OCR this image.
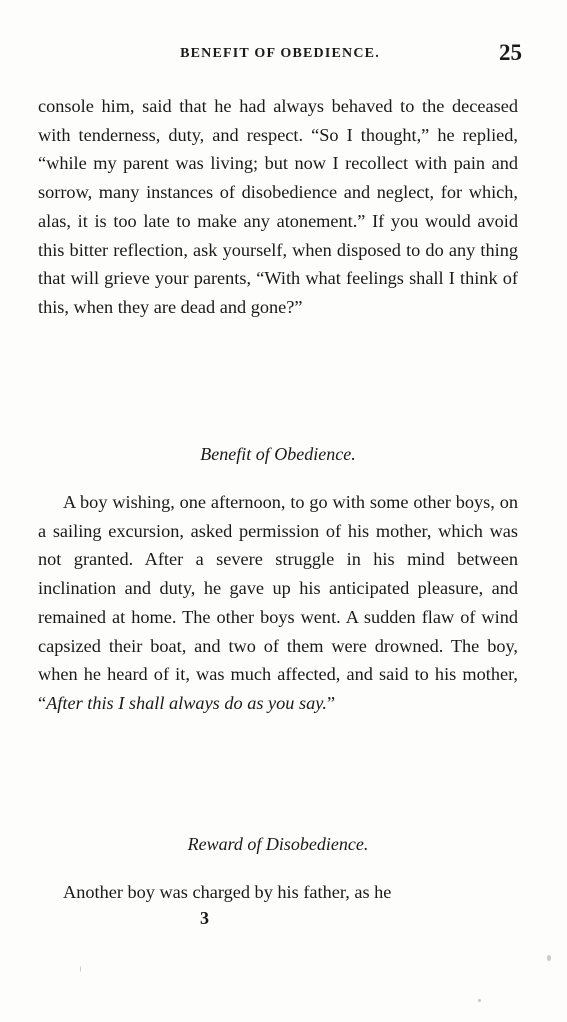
BENEFIT OF OBEDIENCE.	25

console him, said that he had always behaved to the deceased with tenderness, duty, and respect. “So I thought,” he replied, “while my parent was living; but now I recollect with pain and sorrow, many instances of disobedience and neglect, for which, alas, it is too late to make any atonement.” If you would avoid this bitter reflection, ask yourself, when disposed to do any thing that will grieve your parents, “With what feelings shall I think of this, when they are dead and gone?”

Benefit of Obedience.

A boy wishing, one afternoon, to go with some other boys, on a sailing excursion, asked permission of his mother, which was not granted. After a severe struggle in his mind between inclination and duty, he gave up his anticipated pleasure, and remained at home. The other boys went. A sudden flaw of wind capsized their boat, and two of them were drowned. The boy, when he heard of it, was much affected, and said to his mother, “After this I shall always do as you say.”

Reward of Disobedience.

Another boy was charged by his father, as he

3
